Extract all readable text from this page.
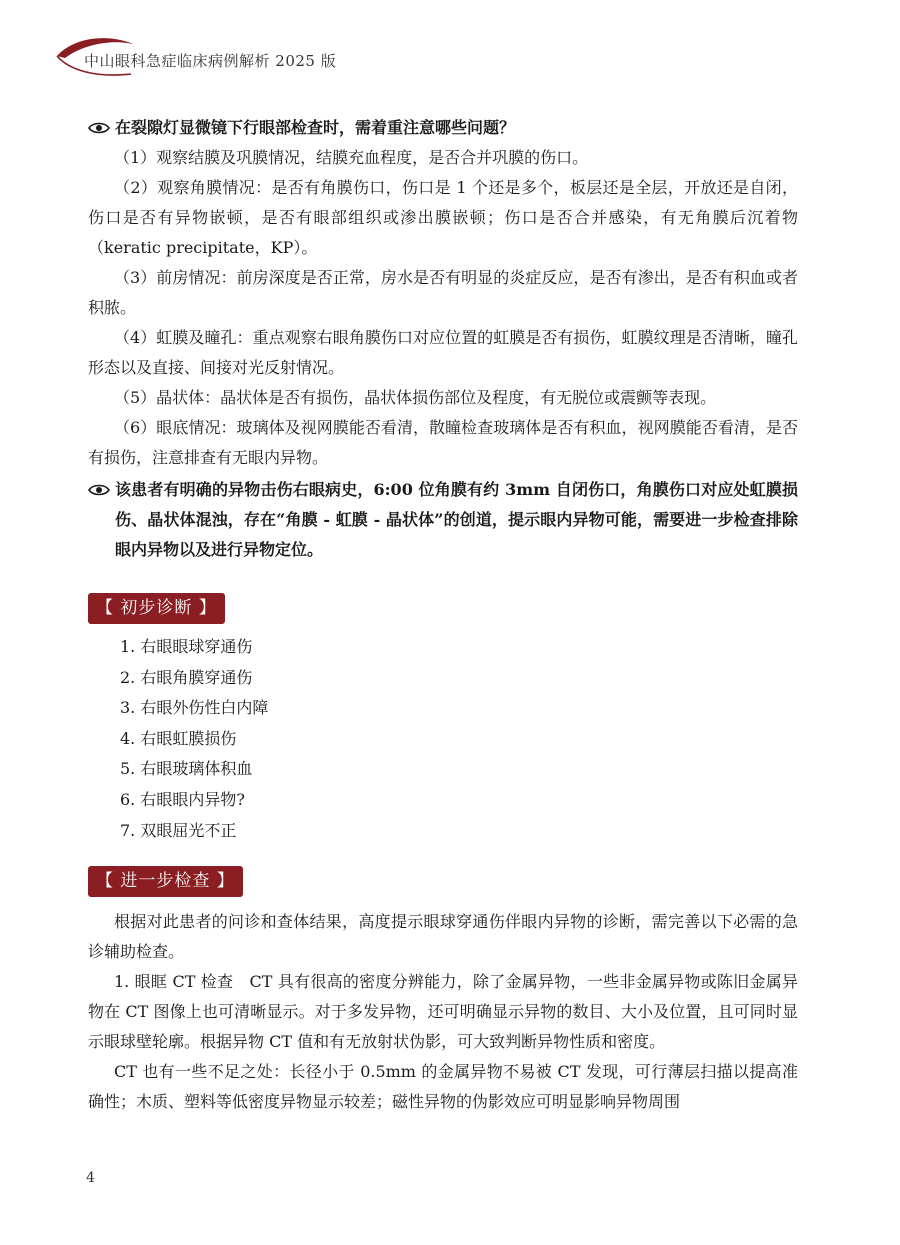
中山眼科急症临床病例解析 2025 版

在裂隙灯显微镜下行眼部检查时，需着重注意哪些问题？

（1）观察结膜及巩膜情况，结膜充血程度，是否合并巩膜的伤口。

（2）观察角膜情况：是否有角膜伤口，伤口是 1 个还是多个，板层还是全层，开放还是自闭，伤口是否有异物嵌顿，是否有眼部组织或渗出膜嵌顿；伤口是否合并感染，有无角膜后沉着物（keratic precipitate，KP）。

（3）前房情况：前房深度是否正常，房水是否有明显的炎症反应，是否有渗出，是否有积血或者积脓。

（4）虹膜及瞳孔：重点观察右眼角膜伤口对应位置的虹膜是否有损伤，虹膜纹理是否清晰，瞳孔形态以及直接、间接对光反射情况。

（5）晶状体：晶状体是否有损伤，晶状体损伤部位及程度，有无脱位或震颤等表现。

（6）眼底情况：玻璃体及视网膜能否看清，散瞳检查玻璃体是否有积血，视网膜能否看清，是否有损伤，注意排查有无眼内异物。

该患者有明确的异物击伤右眼病史，6:00 位角膜有约 3mm 自闭伤口，角膜伤口对应处虹膜损伤、晶状体混浊，存在“角膜 - 虹膜 - 晶状体”的创道，提示眼内异物可能，需要进一步检查排除眼内异物以及进行异物定位。

【 初步诊断 】
1. 右眼眼球穿通伤
2. 右眼角膜穿通伤
3. 右眼外伤性白内障
4. 右眼虹膜损伤
5. 右眼玻璃体积血
6. 右眼眼内异物?
7. 双眼屈光不正
【 进一步检查 】

根据对此患者的问诊和查体结果，高度提示眼球穿通伤伴眼内异物的诊断，需完善以下必需的急诊辅助检查。

1. 眼眶 CT 检查　CT 具有很高的密度分辨能力，除了金属异物，一些非金属异物或陈旧金属异物在 CT 图像上也可清晰显示。对于多发异物，还可明确显示异物的数目、大小及位置，且可同时显示眼球壁轮廓。根据异物 CT 值和有无放射状伪影，可大致判断异物性质和密度。

CT 也有一些不足之处：长径小于 0.5mm 的金属异物不易被 CT 发现，可行薄层扫描以提高准确性；木质、塑料等低密度异物显示较差；磁性异物的伪影效应可明显影响异物周围

4
